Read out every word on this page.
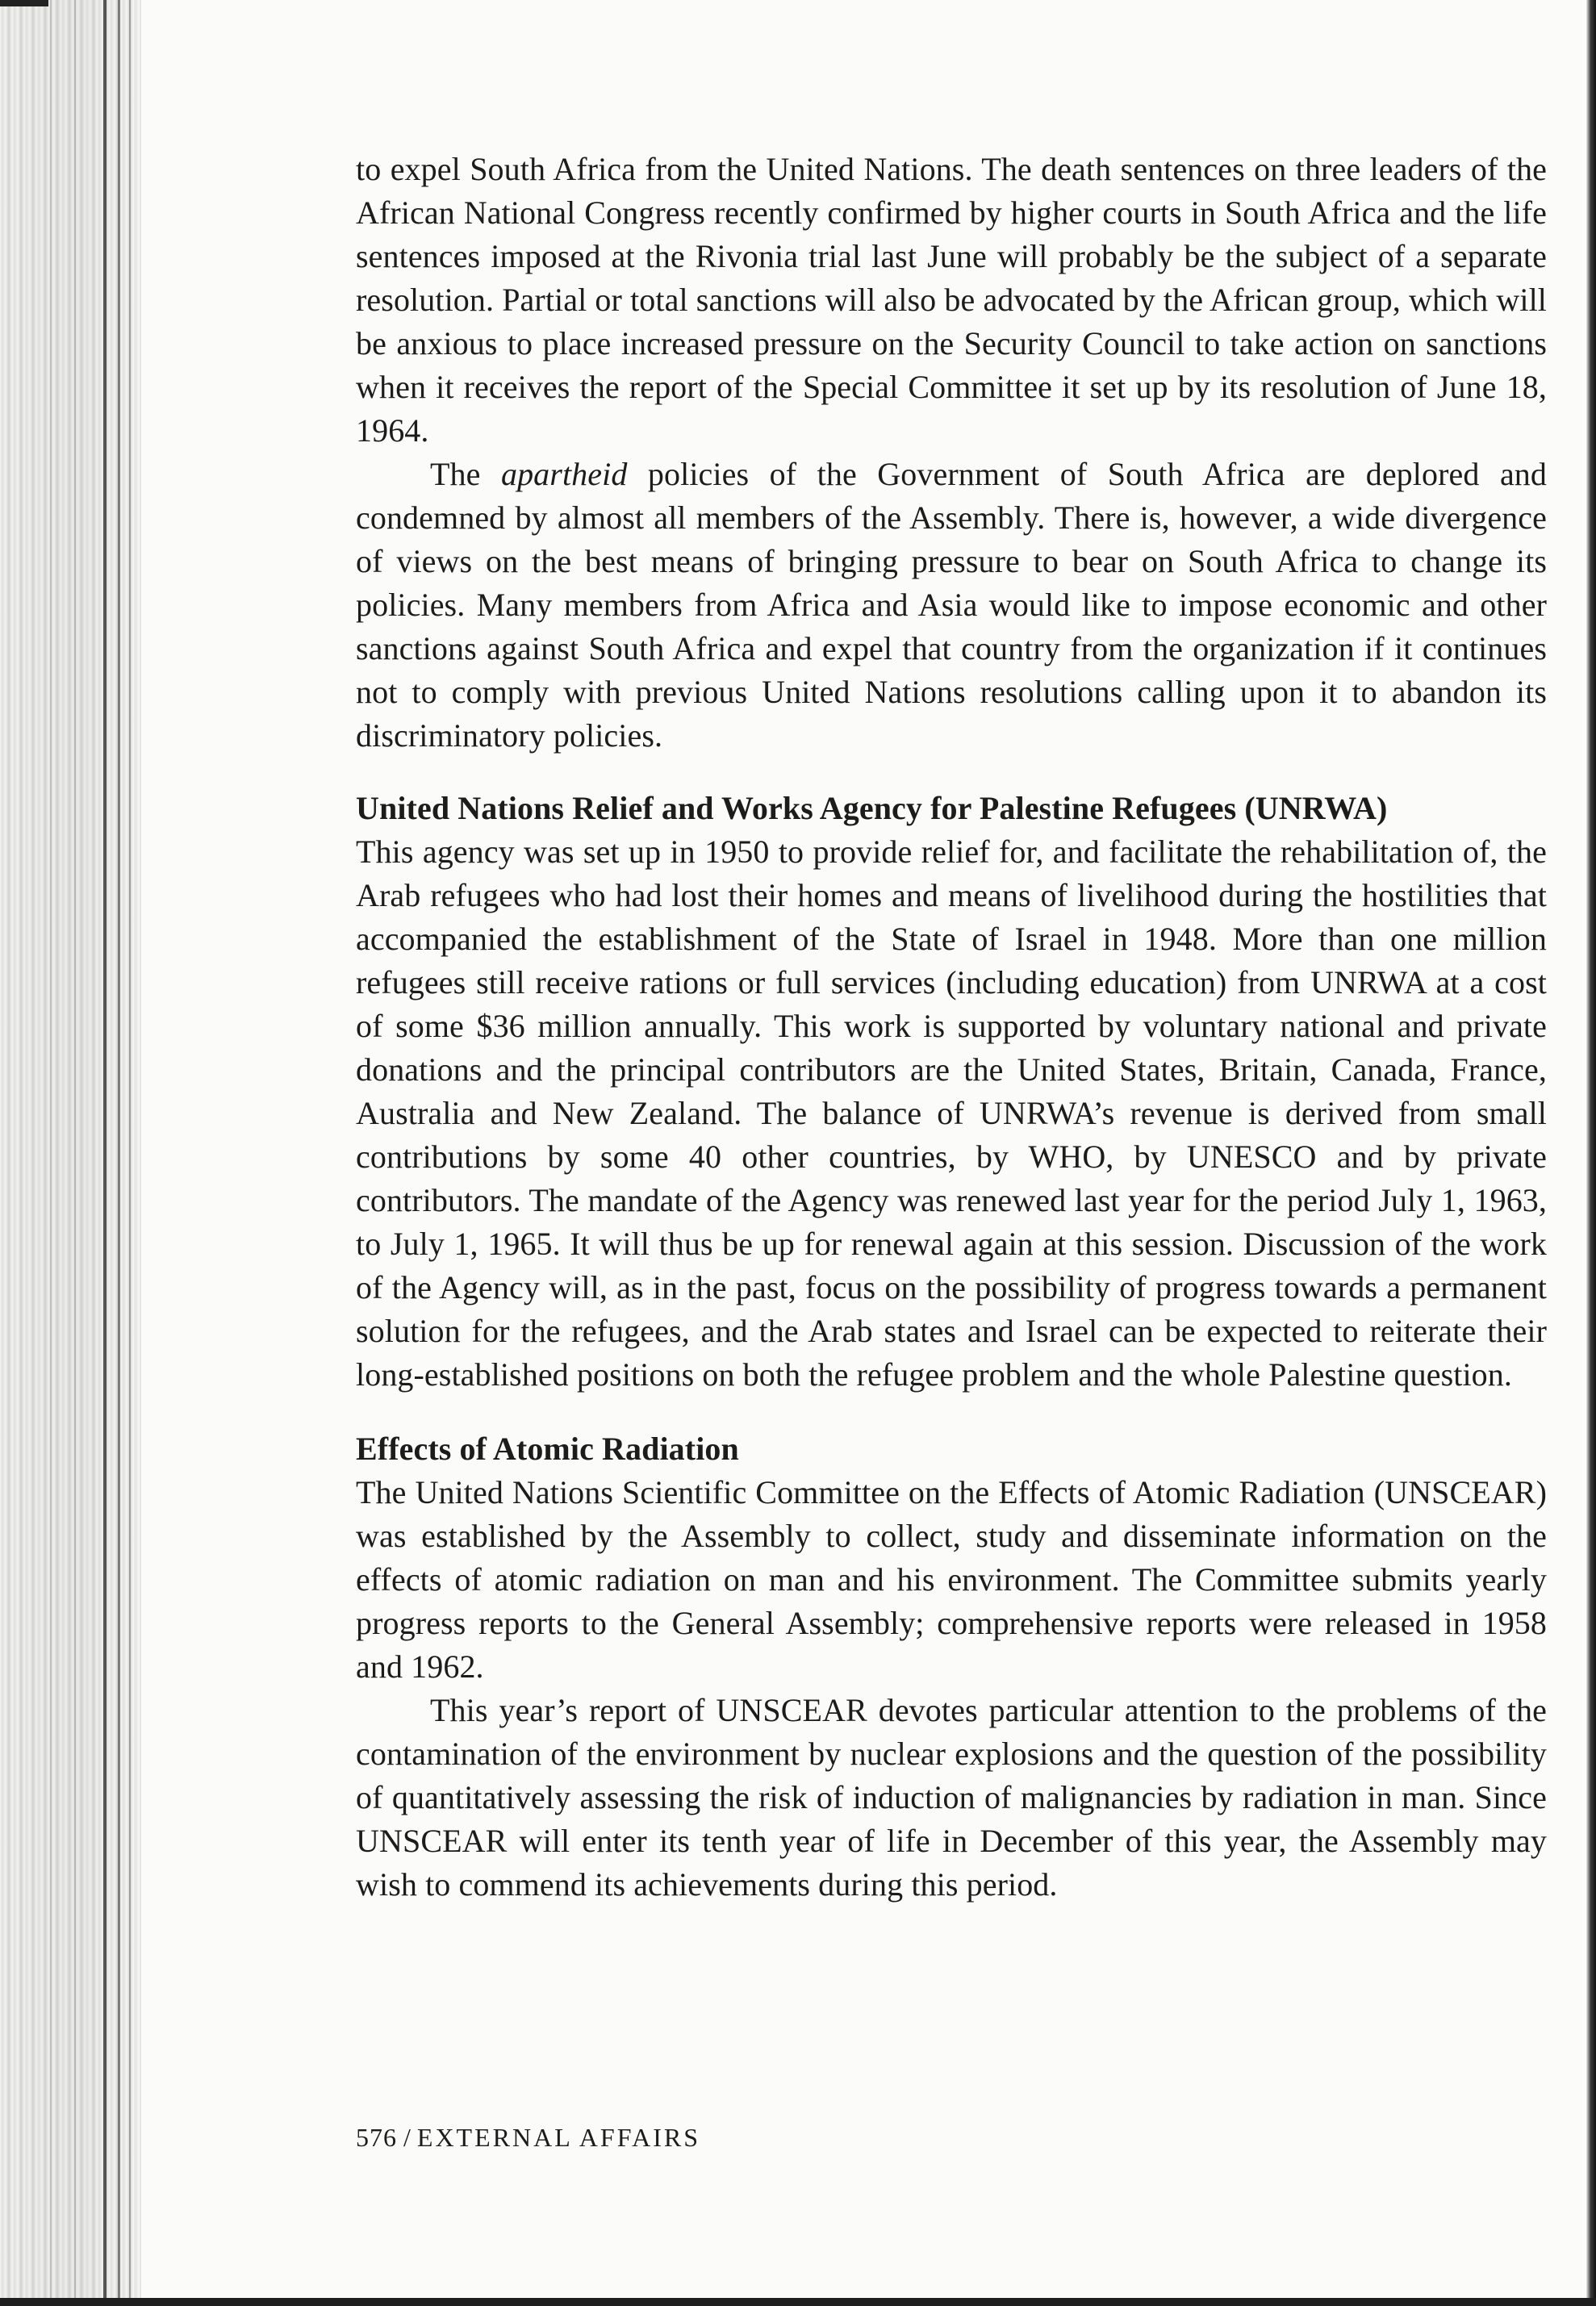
to expel South Africa from the United Nations. The death sentences on three leaders of the African National Congress recently confirmed by higher courts in South Africa and the life sentences imposed at the Rivonia trial last June will probably be the subject of a separate resolution. Partial or total sanctions will also be advocated by the African group, which will be anxious to place increased pressure on the Security Council to take action on sanctions when it receives the report of the Special Committee it set up by its resolution of June 18, 1964.

The apartheid policies of the Government of South Africa are deplored and condemned by almost all members of the Assembly. There is, however, a wide divergence of views on the best means of bringing pressure to bear on South Africa to change its policies. Many members from Africa and Asia would like to impose economic and other sanctions against South Africa and expel that country from the organization if it continues not to comply with previous United Nations resolutions calling upon it to abandon its discriminatory policies.

United Nations Relief and Works Agency for Palestine Refugees (UNRWA)

This agency was set up in 1950 to provide relief for, and facilitate the rehabilitation of, the Arab refugees who had lost their homes and means of livelihood during the hostilities that accompanied the establishment of the State of Israel in 1948. More than one million refugees still receive rations or full services (including education) from UNRWA at a cost of some $36 million annually. This work is supported by voluntary national and private donations and the principal contributors are the United States, Britain, Canada, France, Australia and New Zealand. The balance of UNRWA’s revenue is derived from small contributions by some 40 other countries, by WHO, by UNESCO and by private contributors. The mandate of the Agency was renewed last year for the period July 1, 1963, to July 1, 1965. It will thus be up for renewal again at this session. Discussion of the work of the Agency will, as in the past, focus on the possibility of progress towards a permanent solution for the refugees, and the Arab states and Israel can be expected to reiterate their long-established positions on both the refugee problem and the whole Palestine question.

Effects of Atomic Radiation

The United Nations Scientific Committee on the Effects of Atomic Radiation (UNSCEAR) was established by the Assembly to collect, study and disseminate information on the effects of atomic radiation on man and his environment. The Committee submits yearly progress reports to the General Assembly; comprehensive reports were released in 1958 and 1962.

This year’s report of UNSCEAR devotes particular attention to the problems of the contamination of the environment by nuclear explosions and the question of the possibility of quantitatively assessing the risk of induction of malignancies by radiation in man. Since UNSCEAR will enter its tenth year of life in December of this year, the Assembly may wish to commend its achievements during this period.

576 / EXTERNAL AFFAIRS
